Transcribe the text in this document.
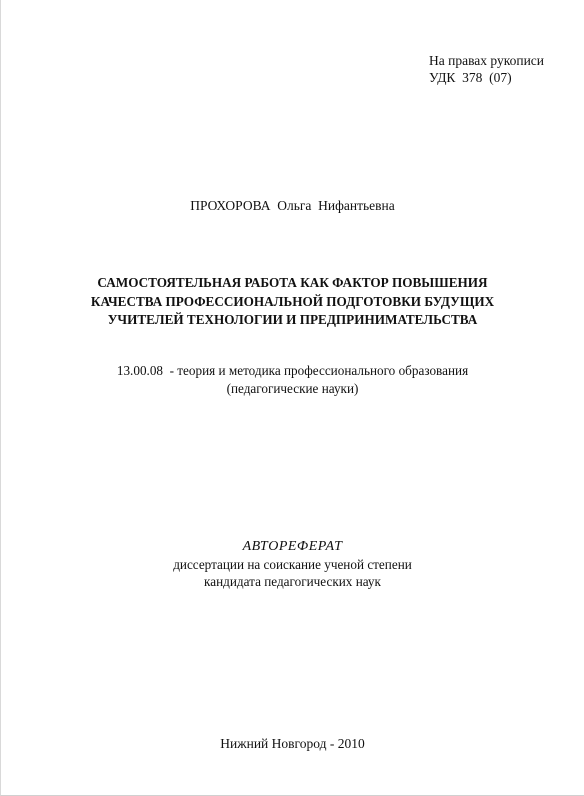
На правах рукописи
УДК  378  (07)
ПРОХОРОВА  Ольга  Нифантьевна
САМОСТОЯТЕЛЬНАЯ РАБОТА КАК ФАКТОР ПОВЫШЕНИЯ
КАЧЕСТВА ПРОФЕССИОНАЛЬНОЙ ПОДГОТОВКИ БУДУЩИХ
УЧИТЕЛЕЙ ТЕХНОЛОГИИ И ПРЕДПРИНИМАТЕЛЬСТВА
13.00.08  - теория и методика профессионального образования
(педагогические науки)
АВТОРЕФЕРАТ
диссертации на соискание ученой степени
кандидата педагогических наук
Нижний Новгород - 2010
